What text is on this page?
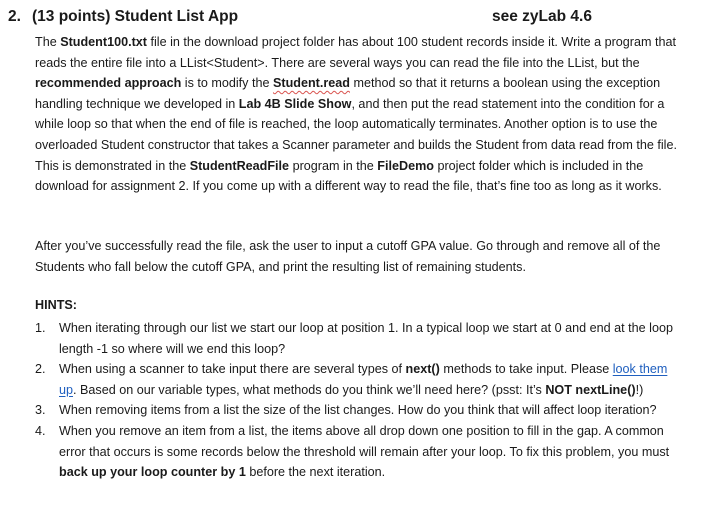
2. (13 points) Student List App	see zyLab 4.6

The Student100.txt file in the download project folder has about 100 student records inside it. Write a program that reads the entire file into a LList<Student>. There are several ways you can read the file into the LList, but the recommended approach is to modify the Student.read method so that it returns a boolean using the exception handling technique we developed in Lab 4B Slide Show, and then put the read statement into the condition for a while loop so that when the end of file is reached, the loop automatically terminates. Another option is to use the overloaded Student constructor that takes a Scanner parameter and builds the Student from data read from the file. This is demonstrated in the StudentReadFile program in the FileDemo project folder which is included in the download for assignment 2. If you come up with a different way to read the file, that’s fine too as long as it works.

After you’ve successfully read the file, ask the user to input a cutoff GPA value. Go through and remove all of the Students who fall below the cutoff GPA, and print the resulting list of remaining students.

HINTS:

1. When iterating through our list we start our loop at position 1. In a typical loop we start at 0 and end at the loop length -1 so where will we end this loop?
2. When using a scanner to take input there are several types of next() methods to take input. Please look them up. Based on our variable types, what methods do you think we’ll need here? (psst: It’s NOT nextLine()!)
3. When removing items from a list the size of the list changes. How do you think that will affect loop iteration?
4. When you remove an item from a list, the items above all drop down one position to fill in the gap. A common error that occurs is some records below the threshold will remain after your loop. To fix this problem, you must back up your loop counter by 1 before the next iteration.
